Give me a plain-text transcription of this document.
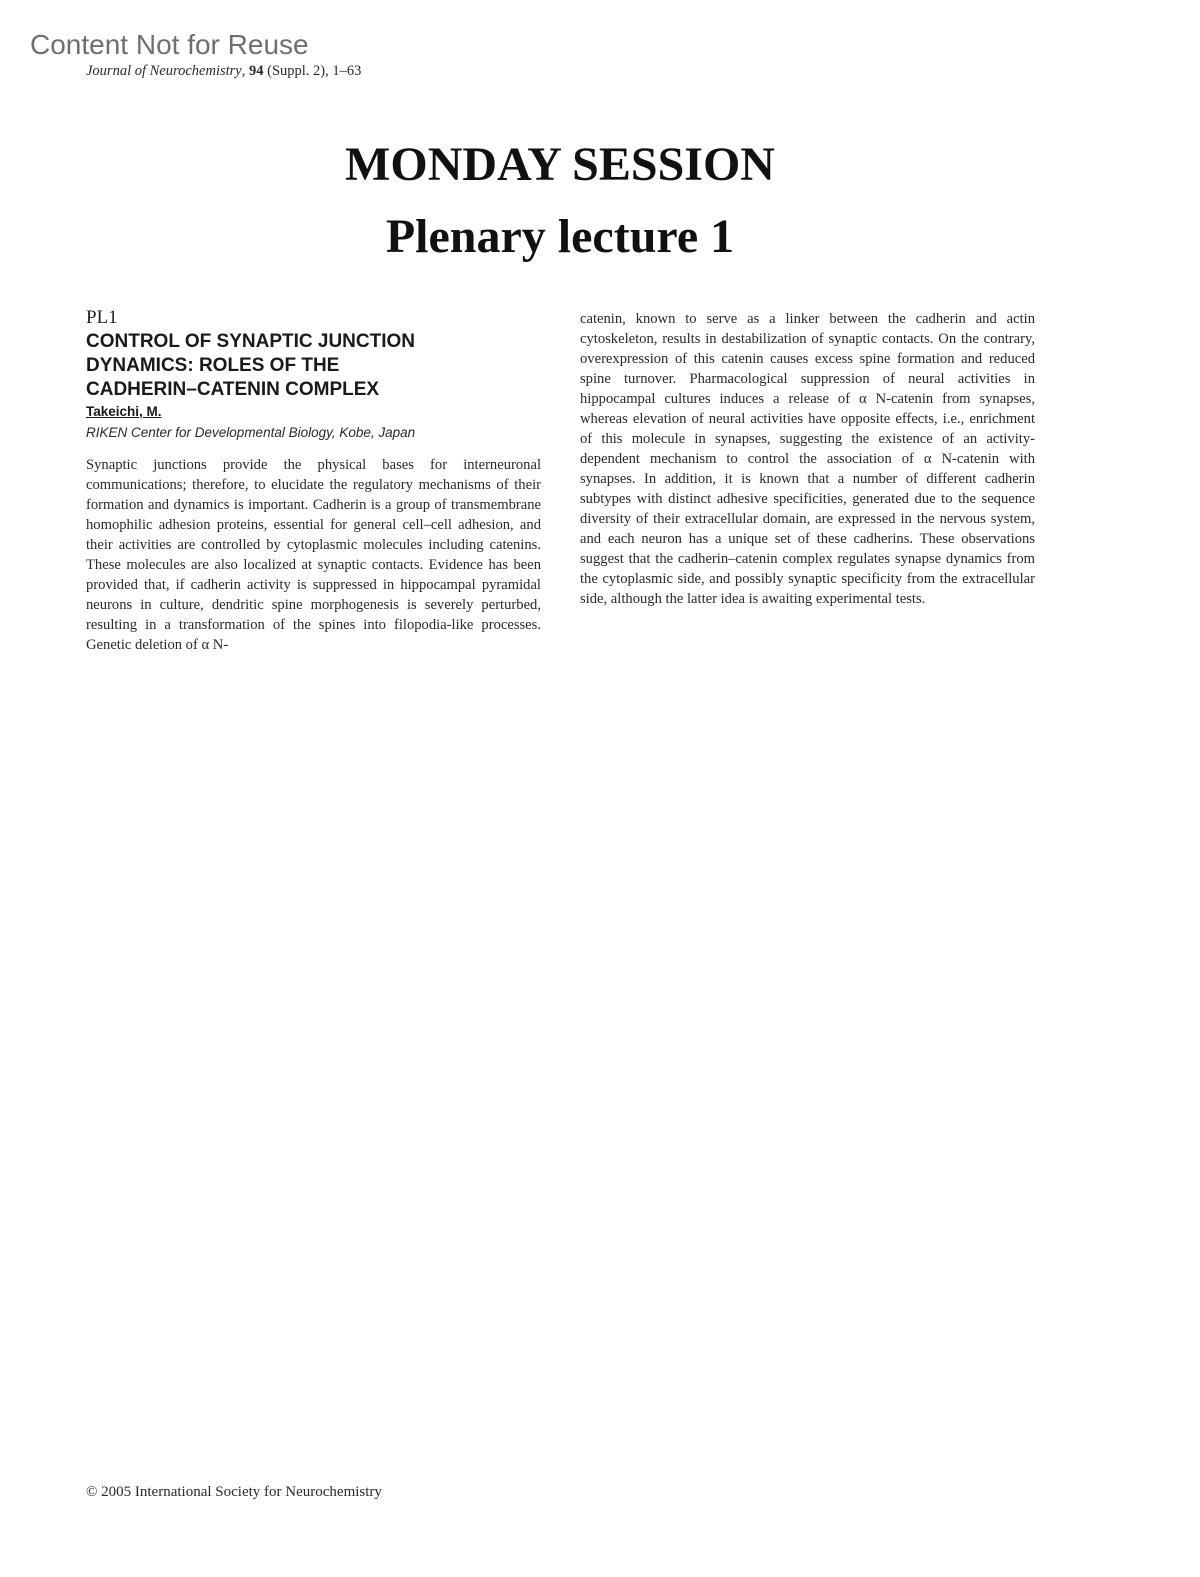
Content Not for Reuse
Journal of Neurochemistry, 94 (Suppl. 2), 1–63
MONDAY SESSION
Plenary lecture 1
PL1
CONTROL OF SYNAPTIC JUNCTION
DYNAMICS: ROLES OF THE
CADHERIN–CATENIN COMPLEX
Takeichi, M.
RIKEN Center for Developmental Biology, Kobe, Japan

Synaptic junctions provide the physical bases for interneuronal communications; therefore, to elucidate the regulatory mechanisms of their formation and dynamics is important. Cadherin is a group of transmembrane homophilic adhesion proteins, essential for general cell–cell adhesion, and their activities are controlled by cytoplasmic molecules including catenins. These molecules are also localized at synaptic contacts. Evidence has been provided that, if cadherin activity is suppressed in hippocampal pyramidal neurons in culture, dendritic spine morphogenesis is severely perturbed, resulting in a transformation of the spines into filopodia-like processes. Genetic deletion of α N-

catenin, known to serve as a linker between the cadherin and actin cytoskeleton, results in destabilization of synaptic contacts. On the contrary, overexpression of this catenin causes excess spine formation and reduced spine turnover. Pharmacological suppression of neural activities in hippocampal cultures induces a release of α N-catenin from synapses, whereas elevation of neural activities have opposite effects, i.e., enrichment of this molecule in synapses, suggesting the existence of an activity-dependent mechanism to control the association of α N-catenin with synapses. In addition, it is known that a number of different cadherin subtypes with distinct adhesive specificities, generated due to the sequence diversity of their extracellular domain, are expressed in the nervous system, and each neuron has a unique set of these cadherins. These observations suggest that the cadherin–catenin complex regulates synapse dynamics from the cytoplasmic side, and possibly synaptic specificity from the extracellular side, although the latter idea is awaiting experimental tests.

© 2005 International Society for Neurochemistry
